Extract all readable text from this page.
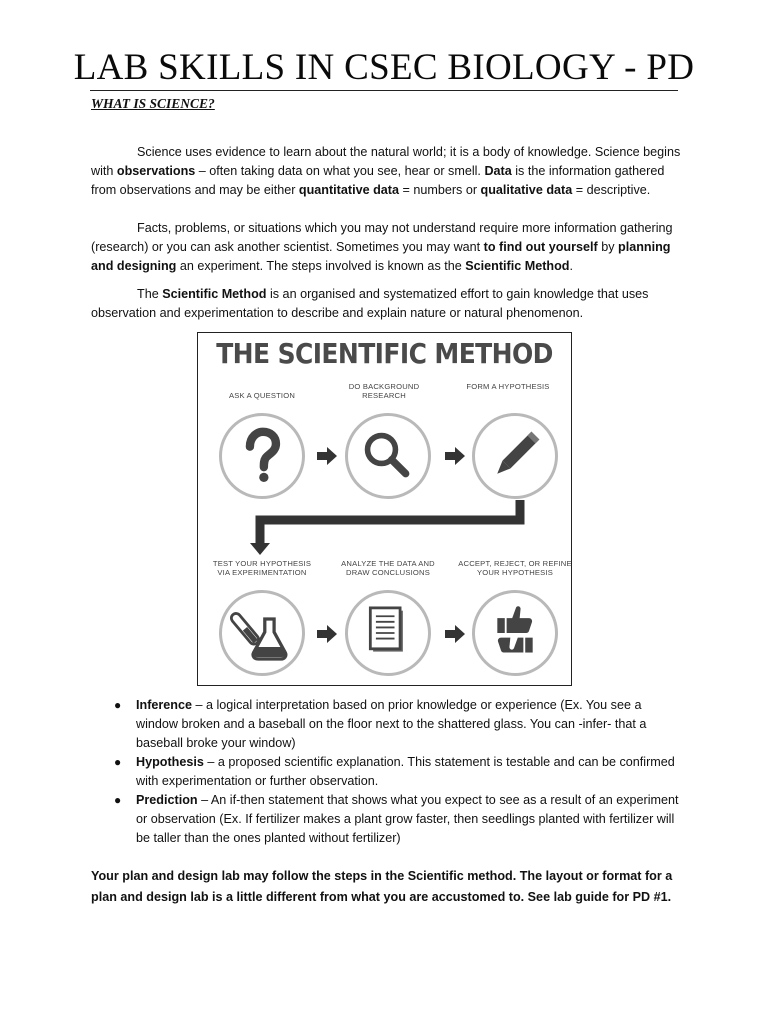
LAB SKILLS IN CSEC BIOLOGY - PD
WHAT IS SCIENCE?

Science uses evidence to learn about the natural world; it is a body of knowledge. Science begins with observations – often taking data on what you see, hear or smell. Data is the information gathered from observations and may be either quantitative data = numbers or qualitative data = descriptive.

Facts, problems, or situations which you may not understand require more information gathering (research) or you can ask another scientist. Sometimes you may want to find out yourself by planning and designing an experiment. The steps involved is known as the Scientific Method.

The Scientific Method is an organised and systematized effort to gain knowledge that uses observation and experimentation to describe and explain nature or natural phenomenon.

THE SCIENTIFIC METHOD
ASK A QUESTION
DO BACKGROUND RESEARCH
FORM A HYPOTHESIS
TEST YOUR HYPOTHESIS VIA EXPERIMENTATION
ANALYZE THE DATA AND DRAW CONCLUSIONS
ACCEPT, REJECT, OR REFINE YOUR HYPOTHESIS

● Inference – a logical interpretation based on prior knowledge or experience (Ex. You see a window broken and a baseball on the floor next to the shattered glass. You can -infer- that a baseball broke your window)

● Hypothesis – a proposed scientific explanation. This statement is testable and can be confirmed with experimentation or further observation.

● Prediction – An if-then statement that shows what you expect to see as a result of an experiment or observation (Ex. If fertilizer makes a plant grow faster, then seedlings planted with fertilizer will be taller than the ones planted without fertilizer)

Your plan and design lab may follow the steps in the Scientific method. The layout or format for a plan and design lab is a little different from what you are accustomed to. See lab guide for PD #1.
